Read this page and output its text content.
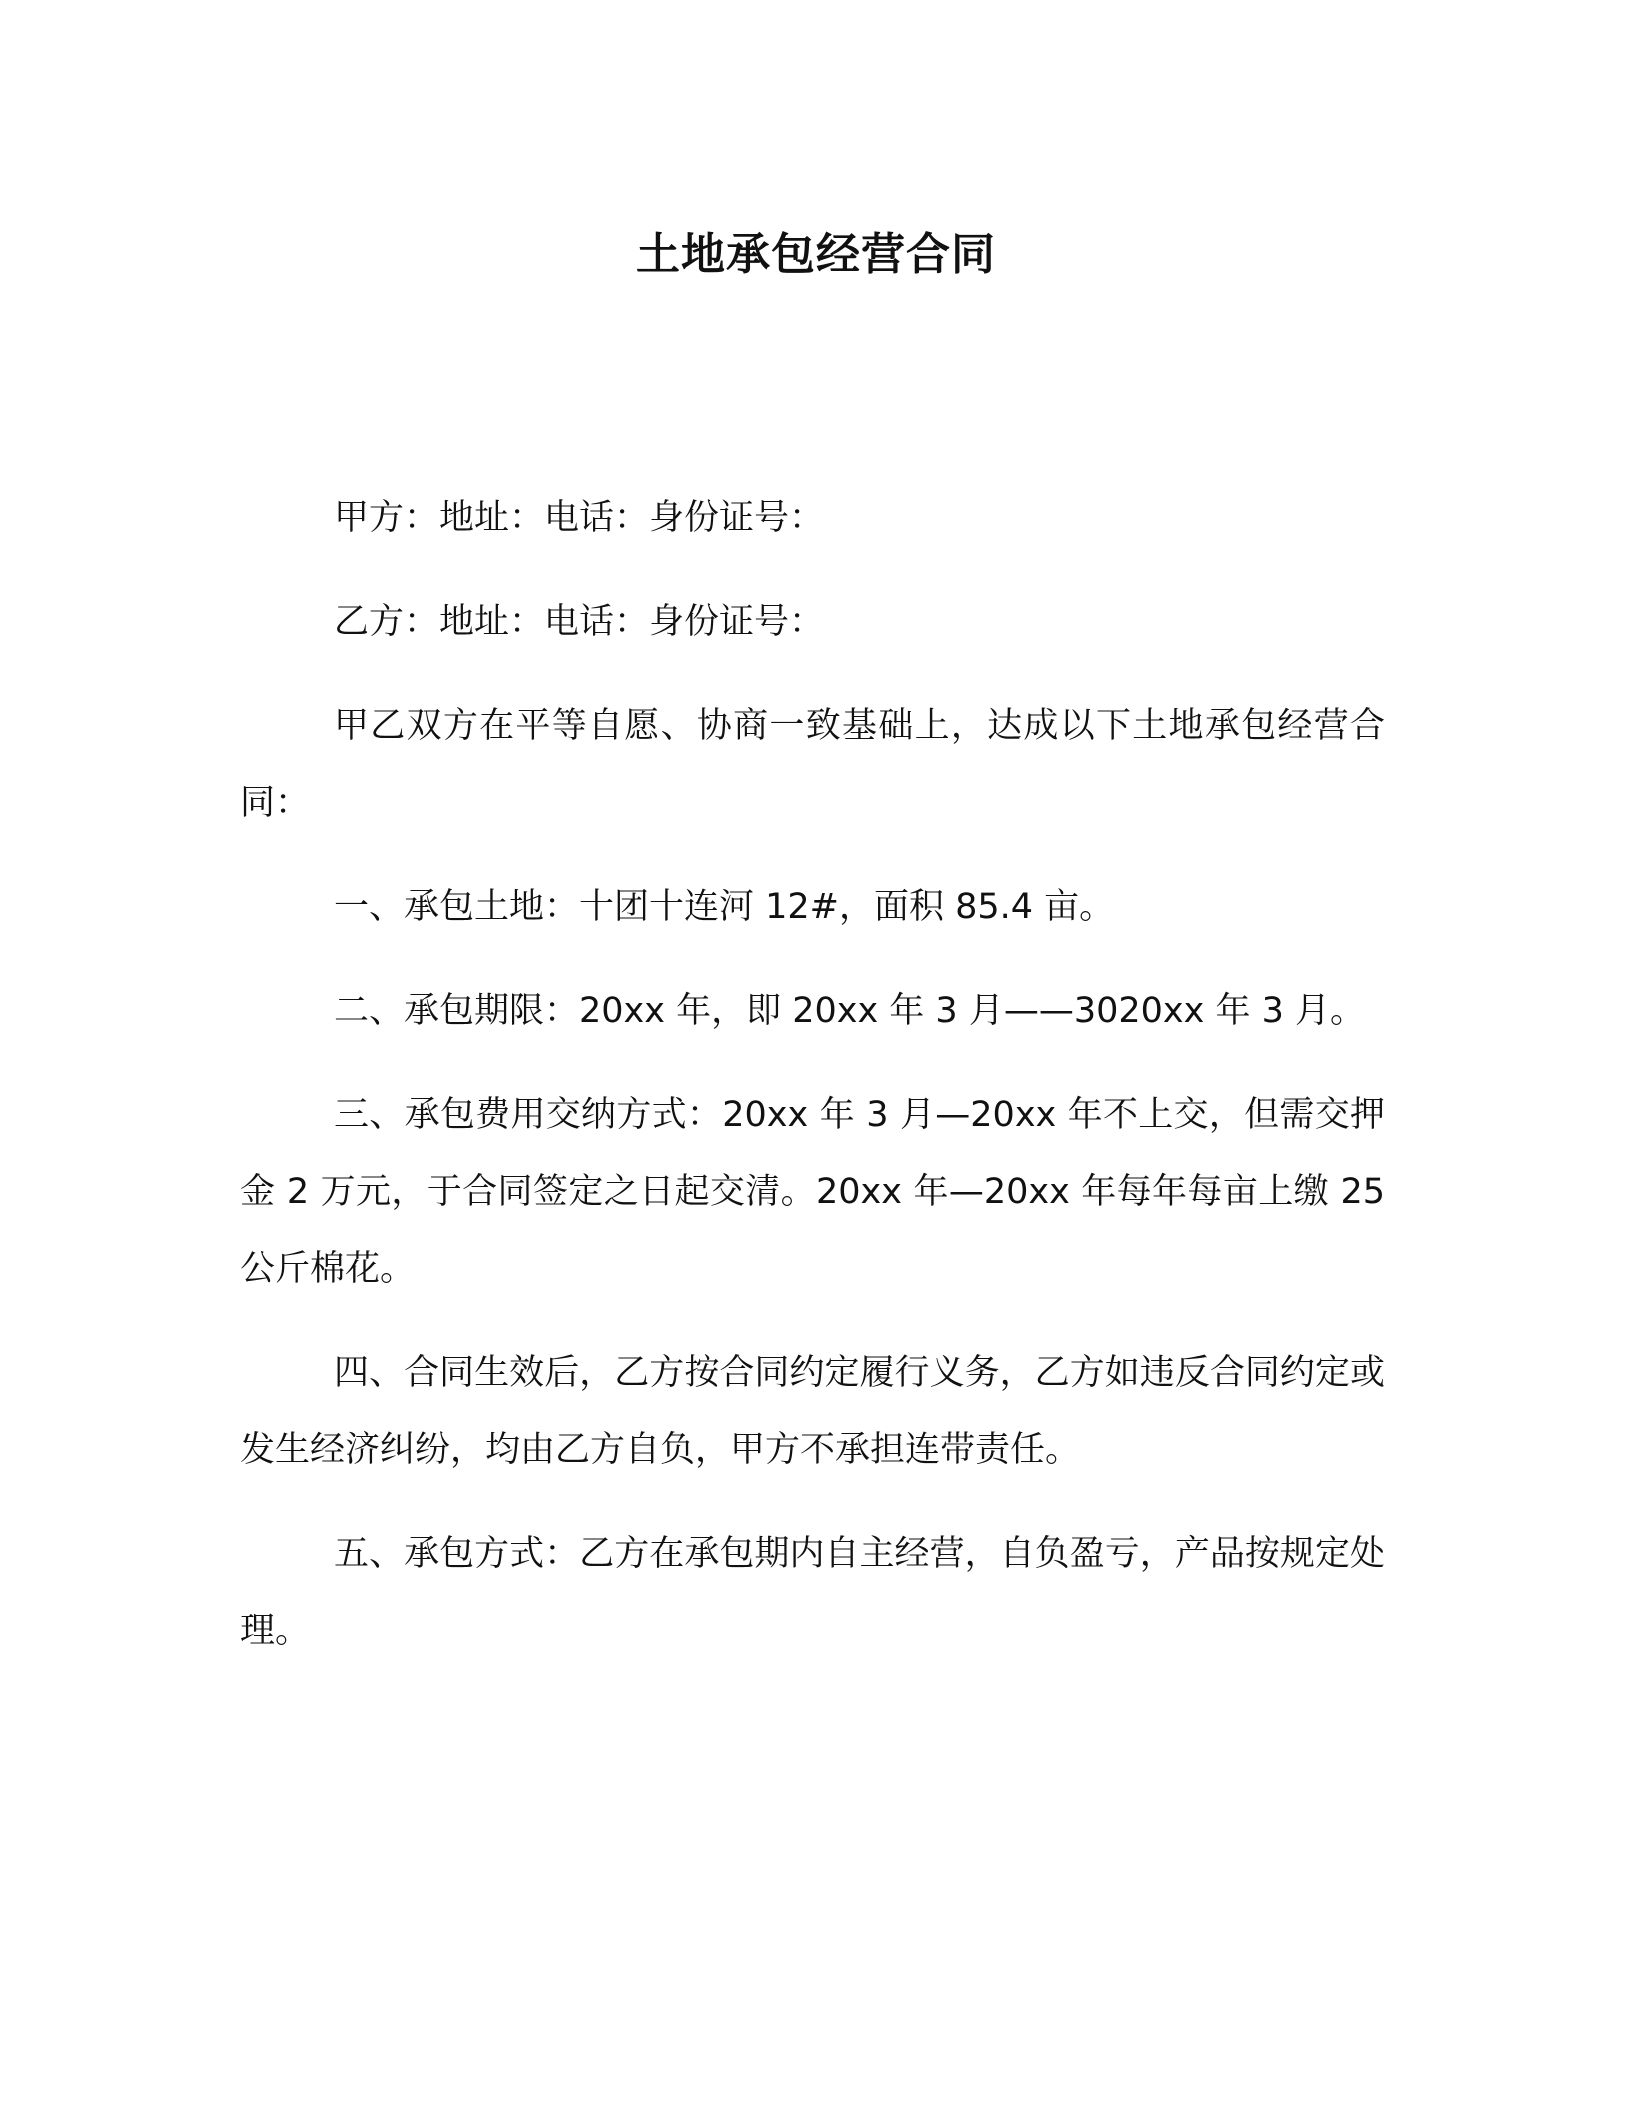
土地承包经营合同

甲方：地址：电话：身份证号：

乙方：地址：电话：身份证号：

甲乙双方在平等自愿、协商一致基础上，达成以下土地承包经营合同：

一、承包土地：十团十连河 12#，面积 85.4 亩。

二、承包期限：20xx 年，即 20xx 年 3 月——3020xx 年 3 月。

三、承包费用交纳方式：20xx 年 3 月—20xx 年不上交，但需交押金 2 万元，于合同签定之日起交清。20xx 年—20xx 年每年每亩上缴 25 公斤棉花。

四、合同生效后，乙方按合同约定履行义务，乙方如违反合同约定或发生经济纠纷，均由乙方自负，甲方不承担连带责任。

五、承包方式：乙方在承包期内自主经营，自负盈亏，产品按规定处理。
